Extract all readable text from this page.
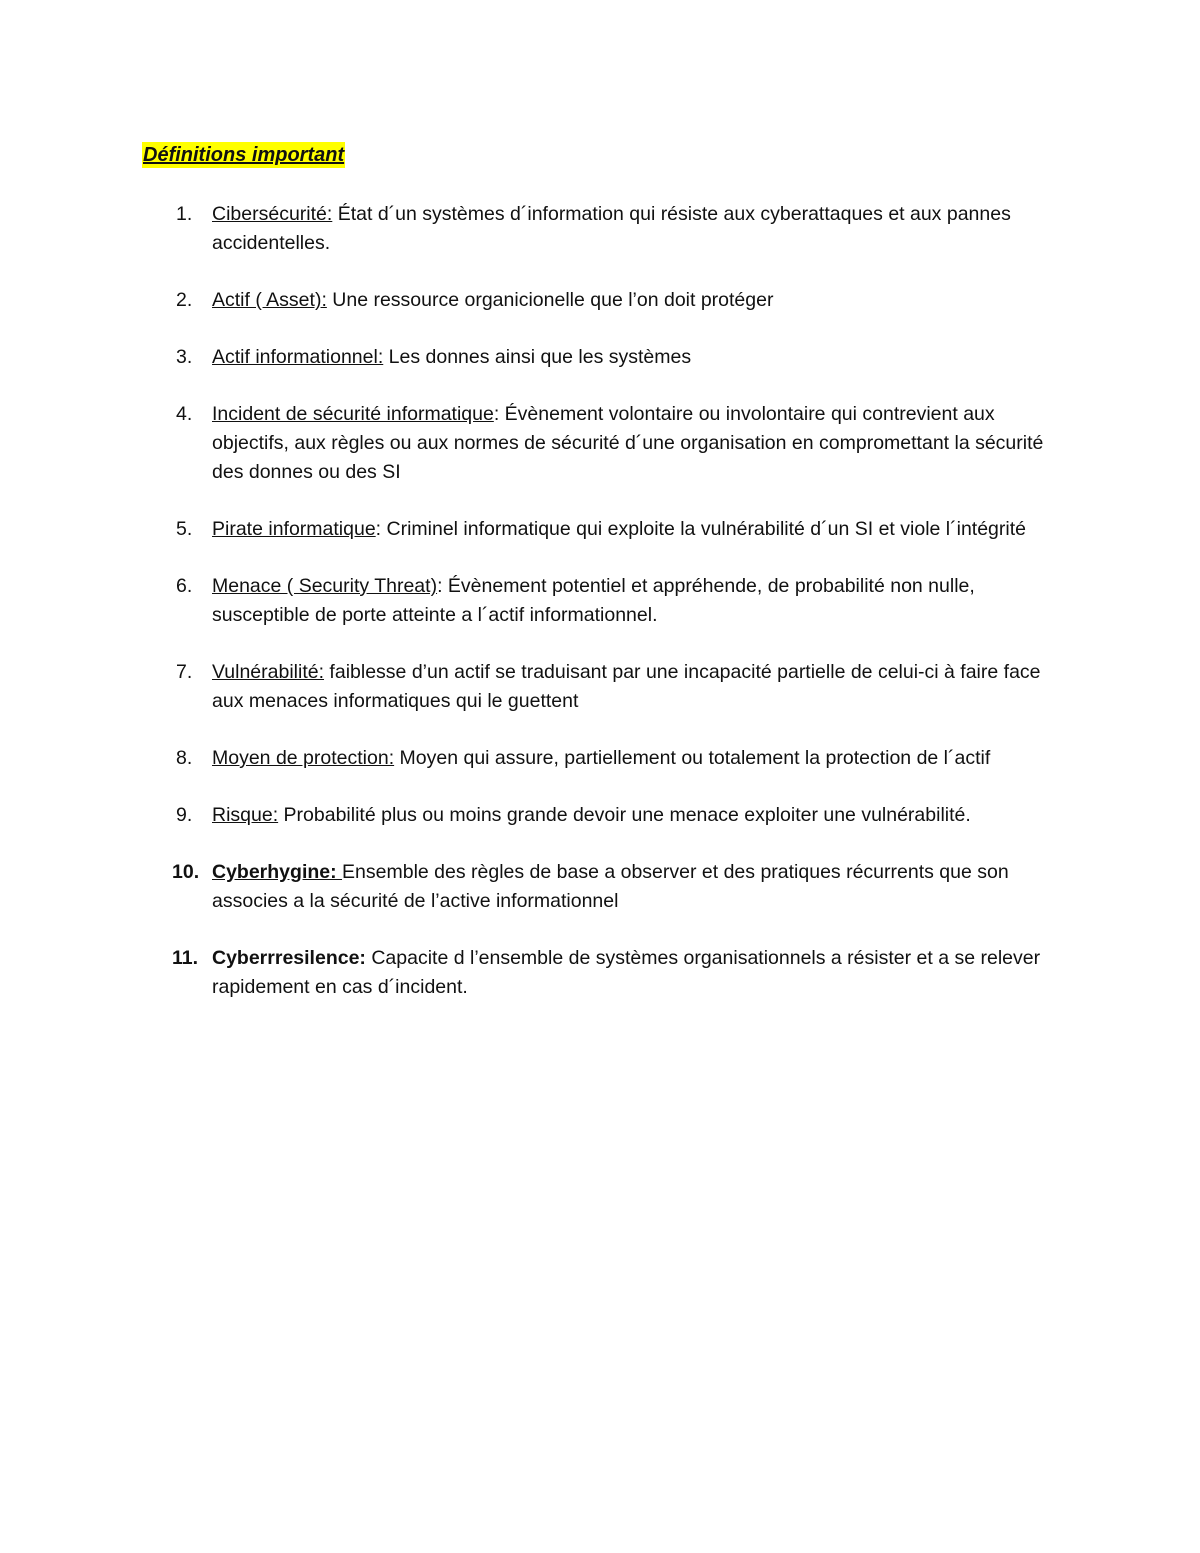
Définitions important
1.	Cibersécurité: État d´un systèmes d´information qui résiste aux cyberattaques et aux pannes accidentelles.
2.	Actif ( Asset): Une ressource organicionelle que l’on doit protéger
3.	Actif informationnel: Les donnes ainsi que les systèmes
4.	Incident de sécurité informatique: Évènement volontaire ou involontaire qui contrevient aux objectifs, aux règles ou aux normes de sécurité d´une organisation en compromettant la sécurité des donnes ou des SI
5.	Pirate informatique: Criminel informatique qui exploite la vulnérabilité d´un SI et viole l´intégrité
6.	Menace ( Security Threat): Évènement potentiel et appréhende, de probabilité non nulle, susceptible de porte atteinte a l´actif informationnel.
7.	Vulnérabilité: faiblesse d’un actif se traduisant par une incapacité partielle de celui-ci à faire face aux menaces informatiques qui le guettent
8.	Moyen de protection: Moyen qui assure, partiellement ou totalement la protection de l´actif
9.	Risque: Probabilité plus ou moins grande devoir une menace exploiter une vulnérabilité.
10. Cyberhygine: Ensemble des règles de base a observer et des pratiques récurrents que son associes a la sécurité de l’active informationnel
11. Cyberrresilence: Capacite d l’ensemble de systèmes organisationnels a résister et a se relever rapidement en cas d´incident.
